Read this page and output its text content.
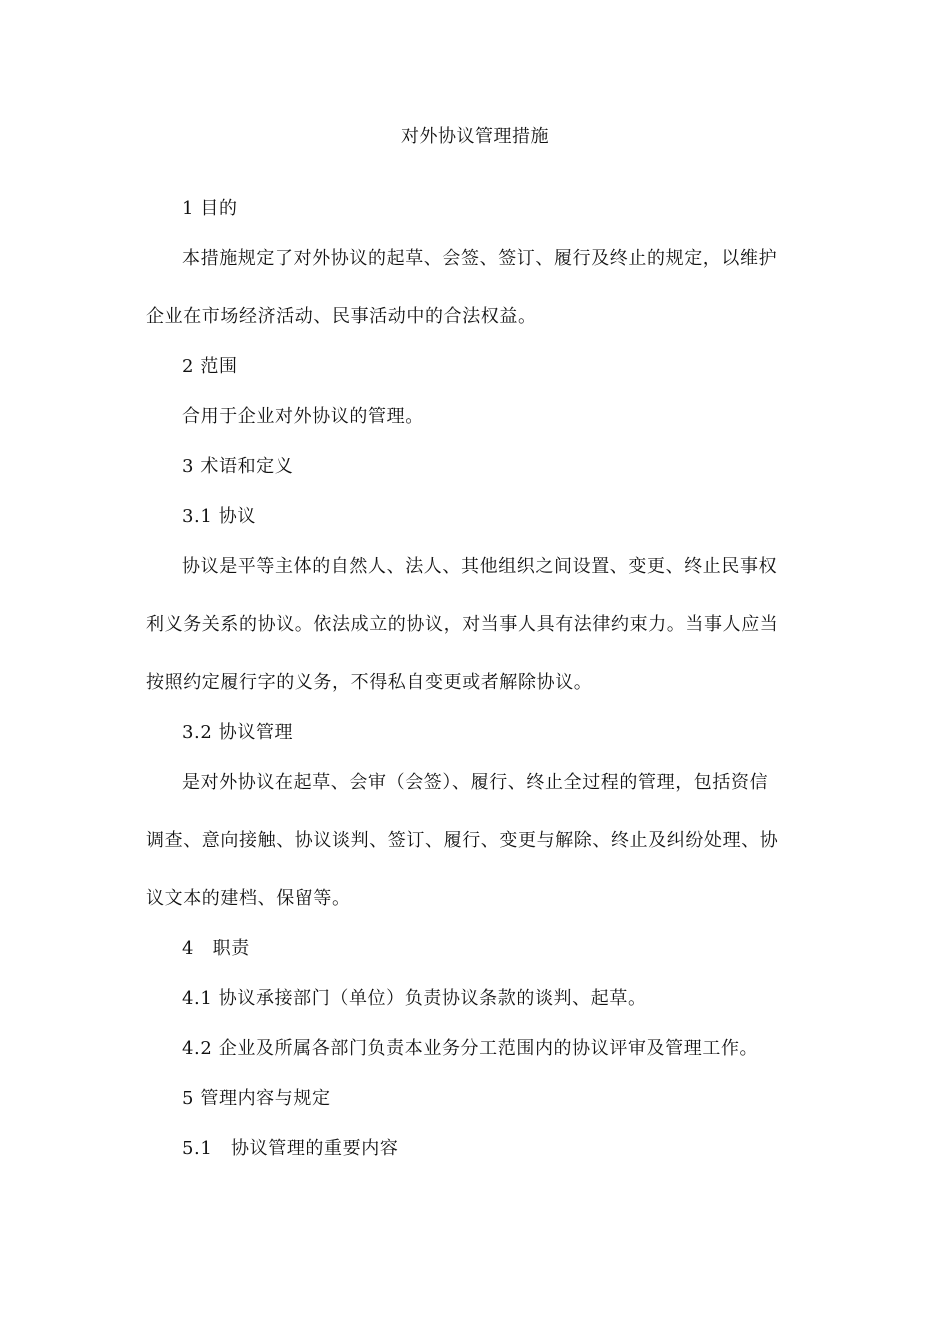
对外协议管理措施
1 目的
本措施规定了对外协议的起草、会签、签订、履行及终止的规定，以维护
企业在市场经济活动、民事活动中的合法权益。
2 范围
合用于企业对外协议的管理。
3 术语和定义
3.1 协议
协议是平等主体的自然人、法人、其他组织之间设置、变更、终止民事权
利义务关系的协议。依法成立的协议，对当事人具有法律约束力。当事人应当
按照约定履行字的义务，不得私自变更或者解除协议。
3.2 协议管理
是对外协议在起草、会审（会签）、履行、终止全过程的管理，包括资信
调查、意向接触、协议谈判、签订、履行、变更与解除、终止及纠纷处理、协
议文本的建档、保留等。
4　职责
4.1 协议承接部门（单位）负责协议条款的谈判、起草。
4.2 企业及所属各部门负责本业务分工范围内的协议评审及管理工作。
5 管理内容与规定
5.1　协议管理的重要内容
